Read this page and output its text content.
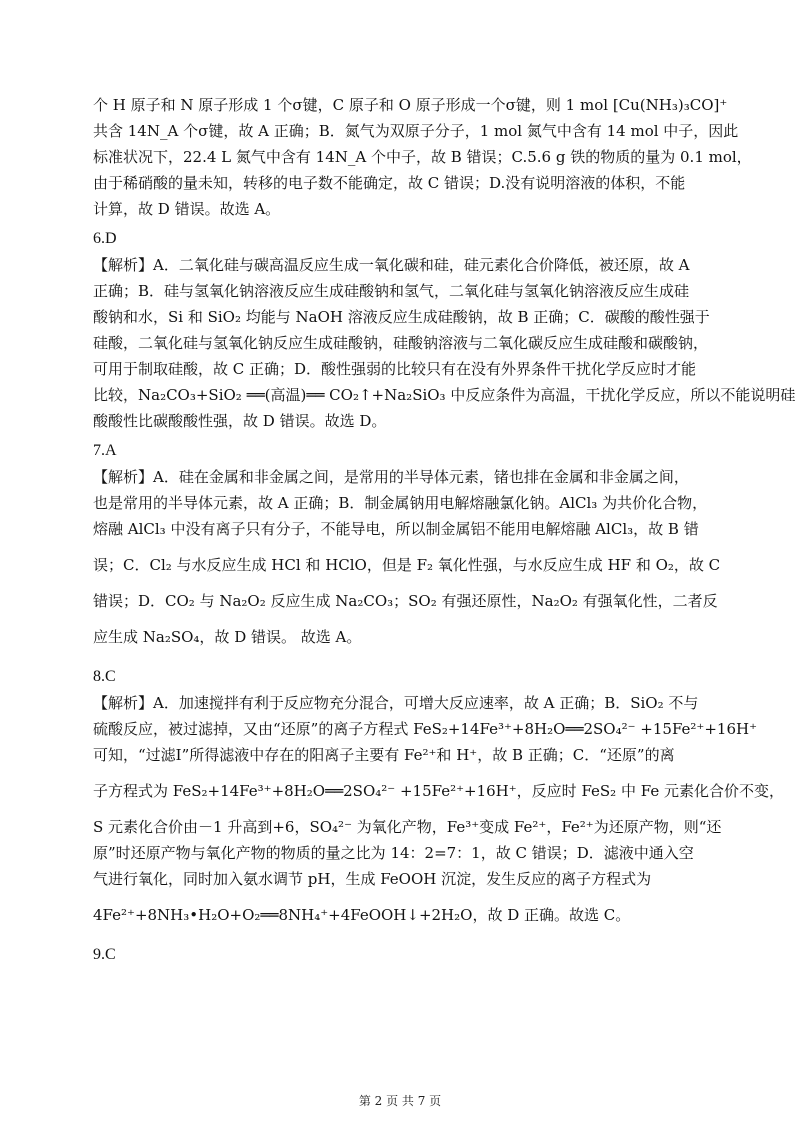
个 H 原子和 N 原子形成 1 个σ键，C 原子和 O 原子形成一个σ键，则 1 mol [Cu(NH₃)₃CO]⁺
共含 14N_A 个σ键，故 A 正确；B．氮气为双原子分子，1 mol 氮气中含有 14 mol 中子，因此
标准状况下，22.4 L 氮气中含有 14N_A 个中子，故 B 错误；C.5.6 g 铁的物质的量为 0.1 mol，
由于稀硝酸的量未知，转移的电子数不能确定，故 C 错误；D.没有说明溶液的体积，不能
计算，故 D 错误。故选 A。
6.D
【解析】A．二氧化硅与碳高温反应生成一氧化碳和硅，硅元素化合价降低，被还原，故 A
正确；B．硅与氢氧化钠溶液反应生成硅酸钠和氢气，二氧化硅与氢氧化钠溶液反应生成硅
酸钠和水，Si 和 SiO₂ 均能与 NaOH 溶液反应生成硅酸钠，故 B 正确；C．碳酸的酸性强于
硅酸，二氧化硅与氢氧化钠反应生成硅酸钠，硅酸钠溶液与二氧化碳反应生成硅酸和碳酸钠，
可用于制取硅酸，故 C 正确；D．酸性强弱的比较只有在没有外界条件干扰化学反应时才能
比较，Na₂CO₃+SiO₂ ══(高温)══ CO₂↑+Na₂SiO₃ 中反应条件为高温，干扰化学反应，所以不能说明硅
酸酸性比碳酸酸性强，故 D 错误。故选 D。
7.A
【解析】A．硅在金属和非金属之间，是常用的半导体元素，锗也排在金属和非金属之间，
也是常用的半导体元素，故 A 正确；B．制金属钠用电解熔融氯化钠。AlCl₃ 为共价化合物，
熔融 AlCl₃ 中没有离子只有分子，不能导电，所以制金属铝不能用电解熔融 AlCl₃，故 B 错
误；C．Cl₂ 与水反应生成 HCl 和 HClO，但是 F₂ 氧化性强，与水反应生成 HF 和 O₂，故 C
错误；D．CO₂ 与 Na₂O₂ 反应生成 Na₂CO₃；SO₂ 有强还原性，Na₂O₂ 有强氧化性，二者反
应生成 Na₂SO₄，故 D 错误。 故选 A。
8.C
【解析】A．加速搅拌有利于反应物充分混合，可增大反应速率，故 A 正确；B．SiO₂ 不与
硫酸反应，被过滤掉，又由“还原”的离子方程式 FeS₂+14Fe³⁺+8H₂O══2SO₄²⁻ +15Fe²⁺+16H⁺
可知，“过滤I”所得滤液中存在的阳离子主要有 Fe²⁺和 H⁺，故 B 正确；C．“还原”的离
子方程式为 FeS₂+14Fe³⁺+8H₂O══2SO₄²⁻ +15Fe²⁺+16H⁺，反应时 FeS₂ 中 Fe 元素化合价不变，
S 元素化合价由－1 升高到+6，SO₄²⁻ 为氧化产物，Fe³⁺变成 Fe²⁺，Fe²⁺为还原产物，则“还
原”时还原产物与氧化产物的物质的量之比为 14：2=7：1，故 C 错误；D．滤液中通入空
气进行氧化，同时加入氨水调节 pH，生成 FeOOH 沉淀，发生反应的离子方程式为
4Fe²⁺+8NH₃•H₂O+O₂══8NH₄⁺+4FeOOH↓+2H₂O，故 D 正确。故选 C。
9.C
第 2 页 共 7 页
